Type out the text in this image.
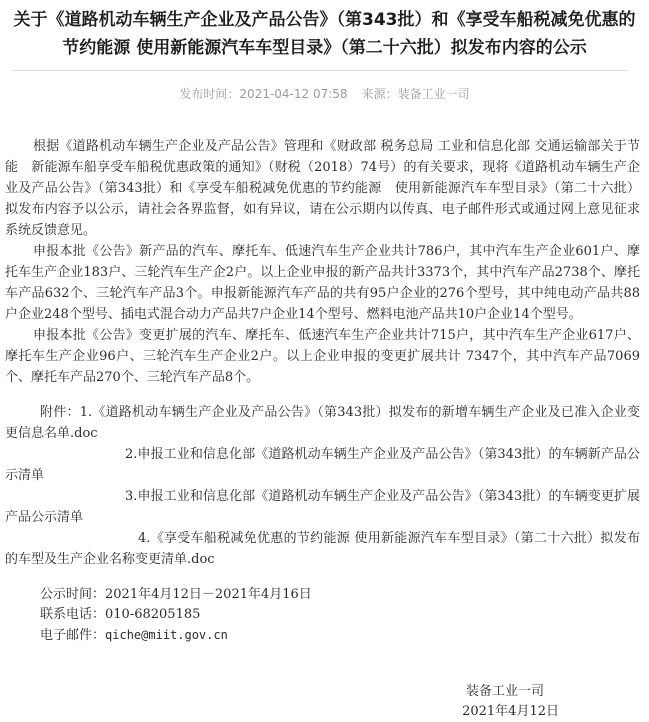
关于《道路机动车辆生产企业及产品公告》（第343批）和《享受车船税减免优惠的
节约能源 使用新能源汽车车型目录》（第二十六批）拟发布内容的公示
发布时间：2021-04-12 07:58 来源：装备工业一司

根据《道路机动车辆生产企业及产品公告》管理和《财政部 税务总局 工业和信息化部 交通运输部关于节能　新能源车船享受车船税优惠政策的通知》（财税（2018）74号）的有关要求，现将《道路机动车辆生产企业及产品公告》（第343批）和《享受车船税减免优惠的节约能源　使用新能源汽车车型目录》（第二十六批）拟发布内容予以公示，请社会各界监督，如有异议，请在公示期内以传真、电子邮件形式或通过网上意见征求系统反馈意见。

申报本批《公告》新产品的汽车、摩托车、低速汽车生产企业共计786户，其中汽车生产企业601户、摩托车生产企业183户、三轮汽车生产企2户。以上企业申报的新产品共计3373个，其中汽车产品2738个、摩托车产品632个、三轮汽车产品3个。申报新能源汽车产品的共有95户企业的276个型号，其中纯电动产品共88户企业248个型号、插电式混合动力产品共7户企业14个型号、燃料电池产品共10户企业14个型号。

申报本批《公告》变更扩展的汽车、摩托车、低速汽车生产企业共计715户，其中汽车生产企业617户、摩托车生产企业96户、三轮汽车生产企业2户。以上企业申报的变更扩展共计 7347个，其中汽车产品7069个、摩托车产品270个、三轮汽车产品8个。

附件：1.《道路机动车辆生产企业及产品公告》（第343批）拟发布的新增车辆生产企业及已准入企业变更信息名单.doc

2.申报工业和信息化部《道路机动车辆生产企业及产品公告》（第343批）的车辆新产品公示清单

3.申报工业和信息化部《道路机动车辆生产企业及产品公告》（第343批）的车辆变更扩展产品公示清单

4.《享受车船税减免优惠的节约能源 使用新能源汽车车型目录》（第二十六批）拟发布的车型及生产企业名称变更清单.doc

公示时间：2021年4月12日－2021年4月16日

联系电话：010-68205185

电子邮件：qiche@miit.gov.cn

装备工业一司
2021年4月12日
